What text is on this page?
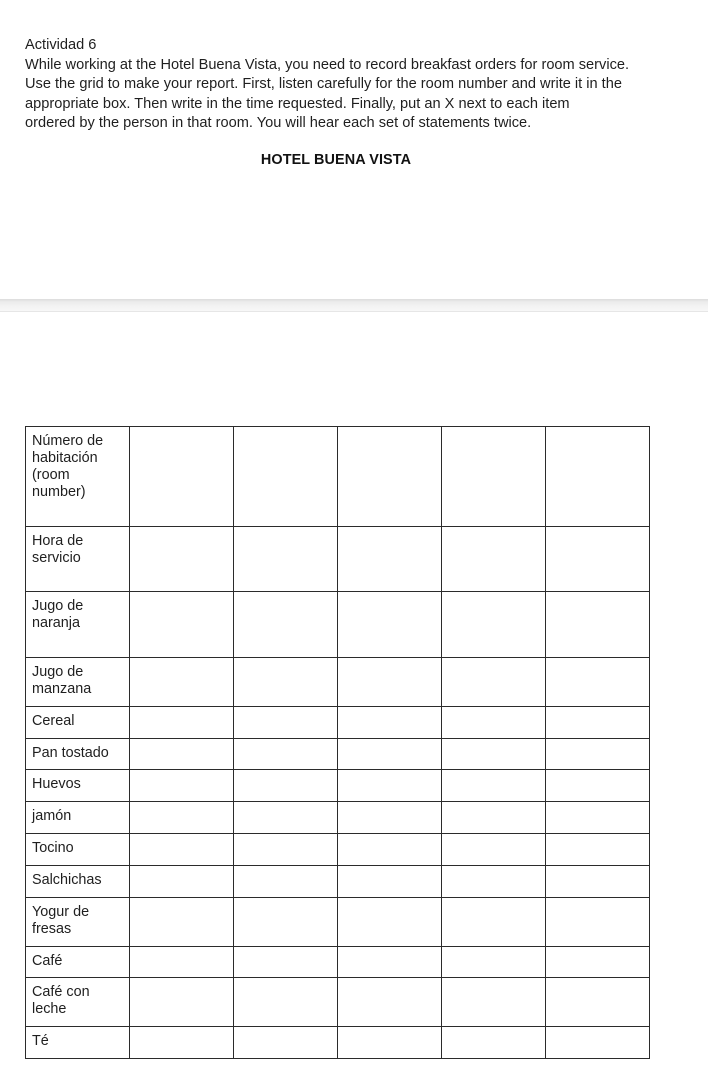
Actividad 6

While working at the Hotel Buena Vista, you need to record breakfast orders for room service.

Use the grid to make your report. First, listen carefully for the room number and write it in the

appropriate box. Then write in the time requested. Finally, put an X next to each item

ordered by the person in that room. You will hear each set of statements twice.

HOTEL BUENA VISTA
Número de habitación (room number)					

Hora de servicio					

Jugo de naranja					

Jugo de manzana					

Cereal					

Pan tostado					

Huevos					

jamón					

Tocino					

Salchichas					

Yogur de fresas					

Café					

Café con leche					

Té					
